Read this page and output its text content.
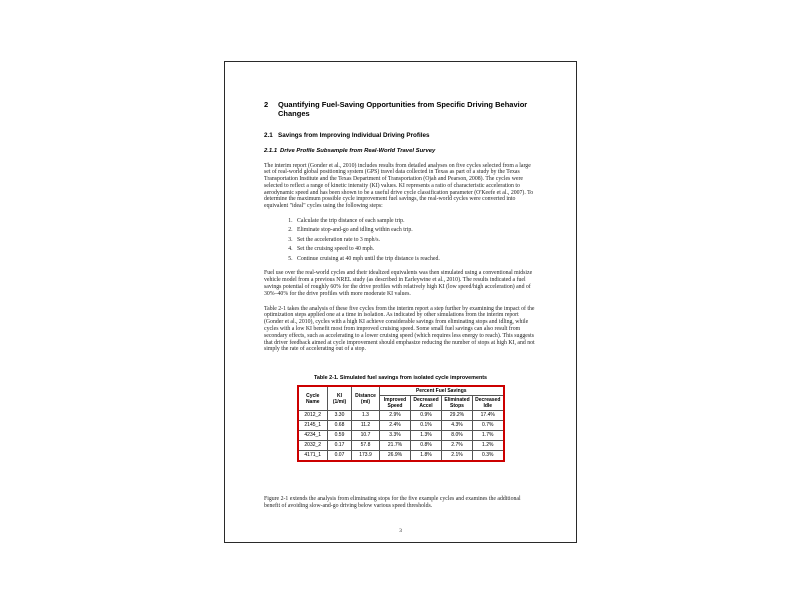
2	Quantifying Fuel-Saving Opportunities from Specific Driving Behavior Changes
2.1 Savings from Improving Individual Driving Profiles
2.1.1 Drive Profile Subsample from Real-World Travel Survey

The interim report (Gonder et al., 2010) includes results from detailed analyses on five cycles selected from a large set of real-world global positioning system (GPS) travel data collected in Texas as part of a study by the Texas Transportation Institute and the Texas Department of Transportation (Ojah and Pearson, 2008). The cycles were selected to reflect a range of kinetic intensity (KI) values. KI represents a ratio of characteristic acceleration to aerodynamic speed and has been shown to be a useful drive cycle classification parameter (O'Keefe et al., 2007). To determine the maximum possible cycle improvement fuel savings, the real-world cycles were converted into equivalent "ideal" cycles using the following steps:

1. Calculate the trip distance of each sample trip.
2. Eliminate stop-and-go and idling within each trip.
3. Set the acceleration rate to 3 mph/s.
4. Set the cruising speed to 40 mph.
5. Continue cruising at 40 mph until the trip distance is reached.

Fuel use over the real-world cycles and their idealized equivalents was then simulated using a conventional midsize vehicle model from a previous NREL study (as described in Earleywine et al., 2010). The results indicated a fuel savings potential of roughly 60% for the drive profiles with relatively high KI (low speed/high acceleration) and of 30%–40% for the drive profiles with more moderate KI values.

Table 2-1 takes the analysis of these five cycles from the interim report a step further by examining the impact of the optimization steps applied one at a time in isolation. As indicated by other simulations from the interim report (Gonder et al., 2010), cycles with a high KI achieve considerable savings from eliminating stops and idling, while cycles with a low KI benefit most from improved cruising speed. Some small fuel savings can also result from secondary effects, such as accelerating to a lower cruising speed (which requires less energy to reach). This suggests that driver feedback aimed at cycle improvement should emphasize reducing the number of stops at high KI, and not simply the rate of accelerating out of a stop.

Table 2-1. Simulated fuel savings from isolated cycle improvements
Cycle Name	KI (1/mi)	Distance (mi)	Percent Fuel Savings			
			Improved Speed	Decreased Accel	Eliminated Stops	Decreased Idle
2012_2	3.30	1.3	2.9%	0.9%	29.2%	17.4%
2145_1	0.68	11.2	2.4%	0.1%	4.3%	0.7%
4234_1	0.59	10.7	3.3%	1.3%	8.0%	1.7%
2032_2	0.17	57.8	21.7%	0.8%	2.7%	1.2%
4171_1	0.07	173.9	26.9%	1.8%	2.1%	0.3%

Figure 2-1 extends the analysis from eliminating stops for the five example cycles and examines the additional benefit of avoiding slow-and-go driving below various speed thresholds.

3
